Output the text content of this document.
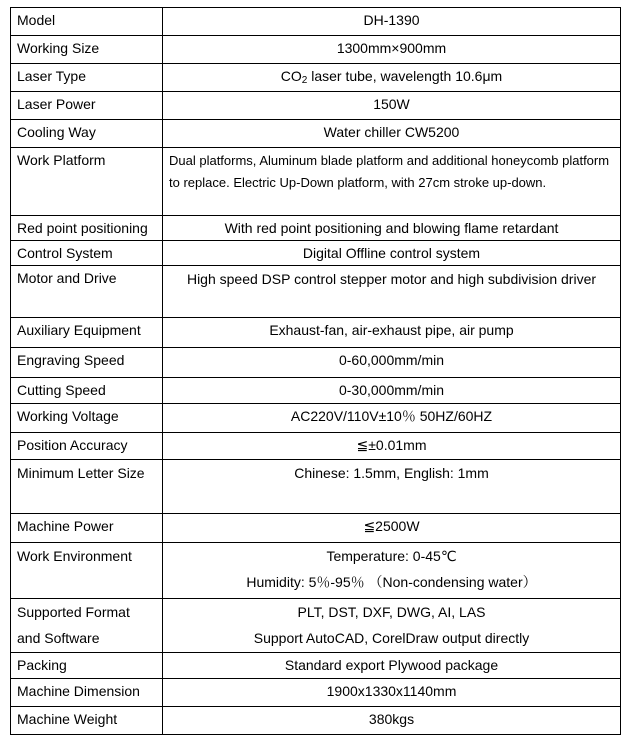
Model	DH-1390
Working Size	1300mm×900mm
Laser Type	$CO_2$ laser tube, wavelength 10.6μm
Laser Power	150W
Cooling Way	Water chiller CW5200
Work Platform	Dual platforms, Aluminum blade platform and additional honeycomb platform to replace. Electric Up-Down platform, with 27cm stroke up-down.
Red point positioning	With red point positioning and blowing flame retardant
Control System	Digital Offline control system
Motor and Drive	High speed DSP control stepper motor and high subdivision driver
Auxiliary Equipment	Exhaust-fan, air-exhaust pipe, air pump
Engraving Speed	0-60,000mm/min
Cutting Speed	0-30,000mm/min
Working Voltage	AC220V/110V±10％ 50HZ/60HZ
Position Accuracy	≦±0.01mm
Minimum Letter Size	Chinese: 1.5mm, English: 1mm
Machine Power	≦2500W
Work Environment	Temperature: 0-45℃
Humidity: 5％-95％ （Non-condensing water）

Supported Format
and Software	PLT, DST, DXF, DWG, AI, LAS
Support AutoCAD, CorelDraw output directly

Packing	Standard export Plywood package
Machine Dimension	1900x1330x1140mm
Machine Weight	380kgs
